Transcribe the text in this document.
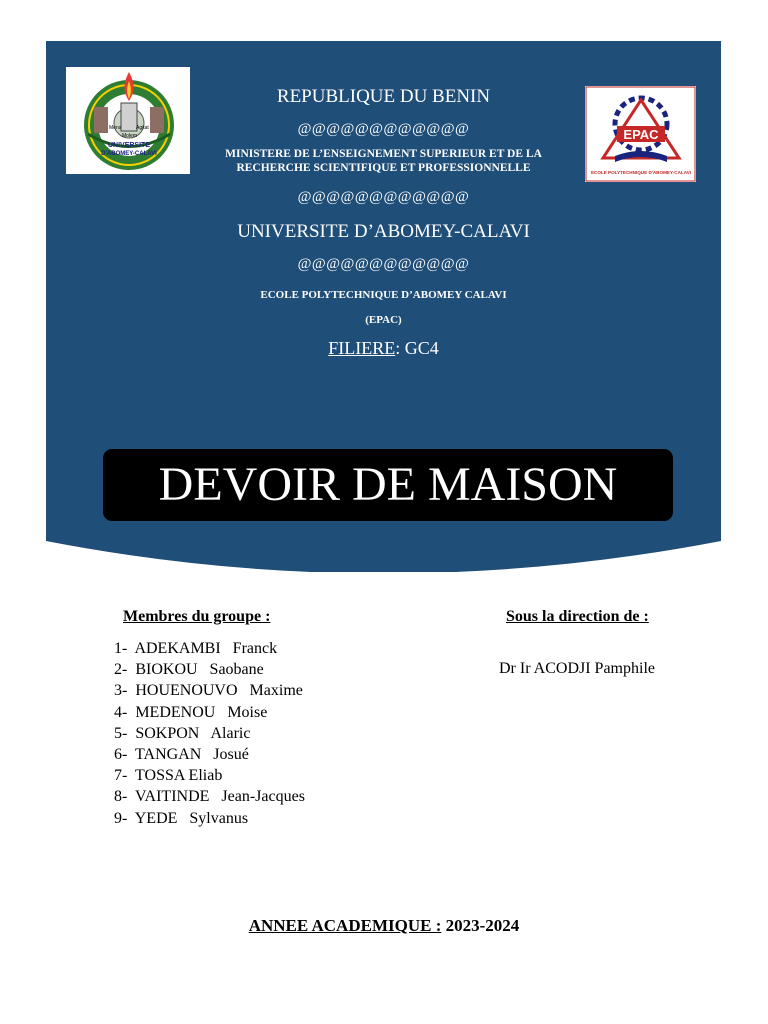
Mens	Agitat
Molem
UNIVERSITE
D'ABOMEY-CALAVI
EPAC
ECOLE POLYTECHNIQUE D'ABOMEY-CALAVI
REPUBLIQUE DU BENIN
@@@@@@@@@@@@
MINISTERE DE L’ENSEIGNEMENT SUPERIEUR ET DE LA
RECHERCHE SCIENTIFIQUE ET PROFESSIONNELLE
@@@@@@@@@@@@
UNIVERSITE D’ABOMEY-CALAVI
@@@@@@@@@@@@
ECOLE POLYTECHNIQUE D’ABOMEY CALAVI
(EPAC)
FILIERE: GC4
DEVOIR DE MAISON
Membres du groupe :	Sous la direction de :
1-  ADEKAMBI   Franck
2-  BIOKOU   Saobane
3-  HOUENOUVO   Maxime
4-  MEDENOU   Moise
5-  SOKPON   Alaric
6-  TANGAN   Josué
7-  TOSSA Eliab
8-  VAITINDE   Jean-Jacques
9-  YEDE   Sylvanus
Dr Ir ACODJI Pamphile
ANNEE ACADEMIQUE : 2023-2024
